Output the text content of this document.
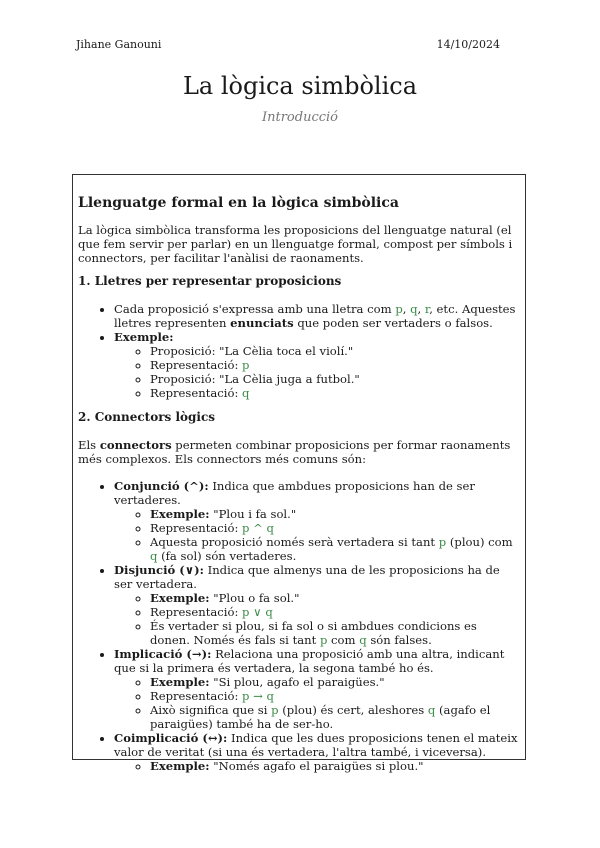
Jihane Ganouni	14/10/2024
La lògica simbòlica
Introducció
Llenguatge formal en la lògica simbòlica

La lògica simbòlica transforma les proposicions del llenguatge natural (el que fem servir per parlar) en un llenguatge formal, compost per símbols i connectors, per facilitar l'anàlisi de raonaments.

1. Lletres per representar proposicions
• Cada proposició s'expressa amb una lletra com p, q, r, etc. Aquestes lletres representen enunciats que poden ser vertaders o falsos.
• Exemple:
◦ Proposició: "La Cèlia toca el violí."
◦ Representació: p
◦ Proposició: "La Cèlia juga a futbol."
◦ Representació: q
2. Connectors lògics

Els connectors permeten combinar proposicions per formar raonaments més complexos. Els connectors més comuns són:

• Conjunció (^): Indica que ambdues proposicions han de ser vertaderes.
◦ Exemple: "Plou i fa sol."
◦ Representació: p ^ q
◦ Aquesta proposició només serà vertadera si tant p (plou) com q (fa sol) són vertaderes.
• Disjunció (∨): Indica que almenys una de les proposicions ha de ser vertadera.
◦ Exemple: "Plou o fa sol."
◦ Representació: p ∨ q
◦ És vertader si plou, si fa sol o si ambdues condicions es donen. Només és fals si tant p com q són falses.
• Implicació (→): Relaciona una proposició amb una altra, indicant que si la primera és vertadera, la segona també ho és.
◦ Exemple: "Si plou, agafo el paraigües."
◦ Representació: p → q
◦ Això significa que si p (plou) és cert, aleshores q (agafo el paraigües) també ha de ser-ho.
• Coimplicació (↔): Indica que les dues proposicions tenen el mateix valor de veritat (si una és vertadera, l'altra també, i viceversa).
◦ Exemple: "Només agafo el paraigües si plou."
